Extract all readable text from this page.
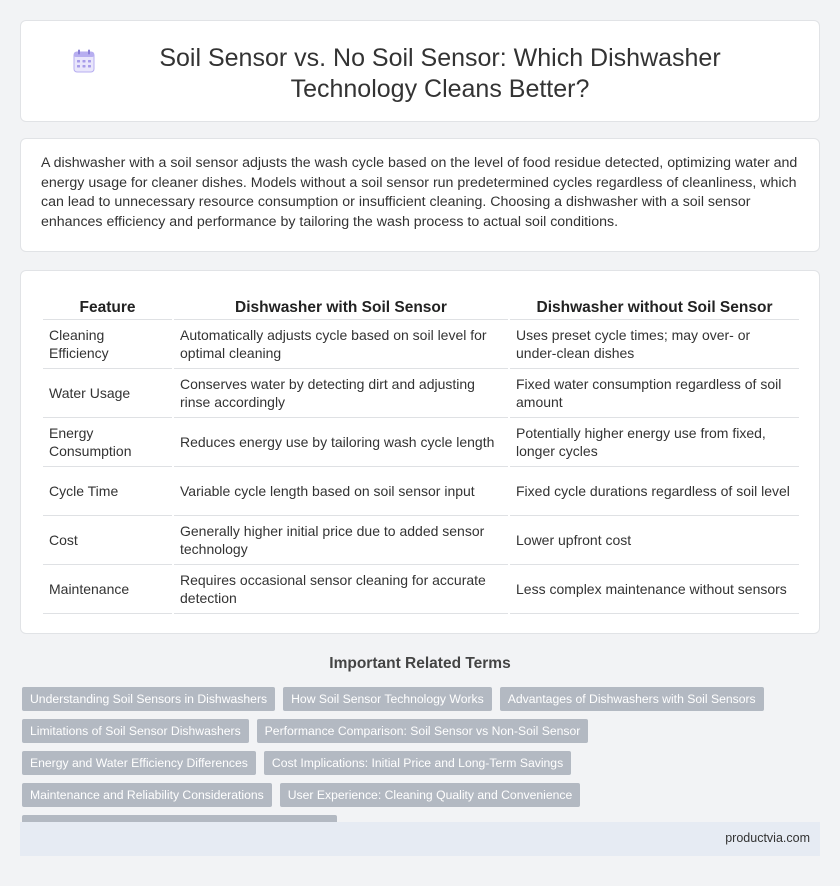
Soil Sensor vs. No Soil Sensor: Which Dishwasher Technology Cleans Better?

A dishwasher with a soil sensor adjusts the wash cycle based on the level of food residue detected, optimizing water and energy usage for cleaner dishes. Models without a soil sensor run predetermined cycles regardless of cleanliness, which can lead to unnecessary resource consumption or insufficient cleaning. Choosing a dishwasher with a soil sensor enhances efficiency and performance by tailoring the wash process to actual soil conditions.

Feature	Dishwasher with Soil Sensor	Dishwasher without Soil Sensor
Cleaning Efficiency	Automatically adjusts cycle based on soil level for optimal cleaning	Uses preset cycle times; may over- or under-clean dishes
Water Usage	Conserves water by detecting dirt and adjusting rinse accordingly	Fixed water consumption regardless of soil amount
Energy Consumption	Reduces energy use by tailoring wash cycle length	Potentially higher energy use from fixed, longer cycles
Cycle Time	Variable cycle length based on soil sensor input	Fixed cycle durations regardless of soil level
Cost	Generally higher initial price due to added sensor technology	Lower upfront cost
Maintenance	Requires occasional sensor cleaning for accurate detection	Less complex maintenance without sensors
Important Related Terms
Understanding Soil Sensors in Dishwashers	How Soil Sensor Technology Works	Advantages of Dishwashers with Soil Sensors
Limitations of Soil Sensor Dishwashers	Performance Comparison: Soil Sensor vs Non-Soil Sensor
Energy and Water Efficiency Differences	Cost Implications: Initial Price and Long-Term Savings
Maintenance and Reliability Considerations	User Experience: Cleaning Quality and Convenience
productvia.com
